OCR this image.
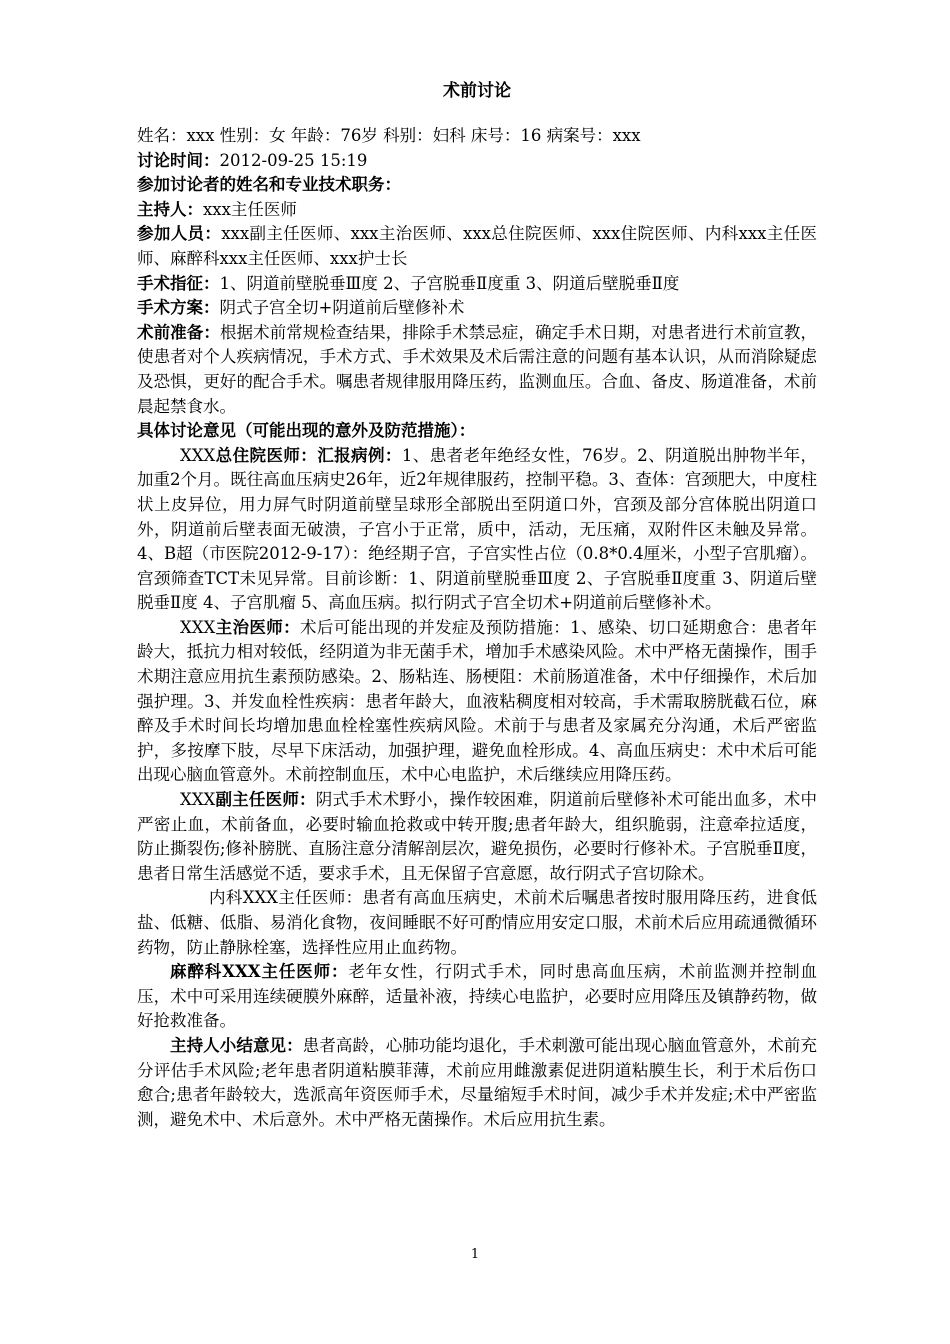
术前讨论

姓名：xxx 性别：女 年龄：76岁 科别：妇科 床号：16 病案号：xxx

讨论时间：2012-09-25 15:19

参加讨论者的姓名和专业技术职务：

主持人：xxx主任医师

参加人员：xxx副主任医师、xxx主治医师、xxx总住院医师、xxx住院医师、内科xxx主任医师、麻醉科xxx主任医师、xxx护士长

手术指征：1、阴道前壁脱垂Ⅲ度 2、子宫脱垂Ⅱ度重 3、阴道后壁脱垂Ⅱ度

手术方案：阴式子宫全切+阴道前后壁修补术

术前准备：根据术前常规检查结果，排除手术禁忌症，确定手术日期，对患者进行术前宣教，使患者对个人疾病情况，手术方式、手术效果及术后需注意的问题有基本认识，从而消除疑虑及恐惧，更好的配合手术。嘱患者规律服用降压药，监测血压。合血、备皮、肠道准备，术前晨起禁食水。

具体讨论意见（可能出现的意外及防范措施）：

XXX总住院医师：汇报病例：1、患者老年绝经女性，76岁。2、阴道脱出肿物半年，加重2个月。既往高血压病史26年，近2年规律服药，控制平稳。3、查体：宫颈肥大，中度柱状上皮异位，用力屏气时阴道前壁呈球形全部脱出至阴道口外，宫颈及部分宫体脱出阴道口外，阴道前后壁表面无破溃，子宫小于正常，质中，活动，无压痛，双附件区未触及异常。4、B超（市医院2012-9-17）：绝经期子宫，子宫实性占位（0.8*0.4厘米，小型子宫肌瘤）。宫颈筛查TCT未见异常。目前诊断：1、阴道前壁脱垂Ⅲ度 2、子宫脱垂Ⅱ度重 3、阴道后壁脱垂Ⅱ度 4、子宫肌瘤 5、高血压病。拟行阴式子宫全切术+阴道前后壁修补术。

XXX主治医师：术后可能出现的并发症及预防措施：1、感染、切口延期愈合：患者年龄大，抵抗力相对较低，经阴道为非无菌手术，增加手术感染风险。术中严格无菌操作，围手术期注意应用抗生素预防感染。2、肠粘连、肠梗阻：术前肠道准备，术中仔细操作，术后加强护理。3、并发血栓性疾病：患者年龄大，血液粘稠度相对较高，手术需取膀胱截石位，麻醉及手术时间长均增加患血栓栓塞性疾病风险。术前于与患者及家属充分沟通，术后严密监护，多按摩下肢，尽早下床活动，加强护理，避免血栓形成。4、高血压病史：术中术后可能出现心脑血管意外。术前控制血压，术中心电监护，术后继续应用降压药。

XXX副主任医师：阴式手术术野小，操作较困难，阴道前后壁修补术可能出血多，术中严密止血，术前备血，必要时输血抢救或中转开腹;患者年龄大，组织脆弱，注意牵拉适度，防止撕裂伤;修补膀胱、直肠注意分清解剖层次，避免损伤，必要时行修补术。子宫脱垂Ⅱ度，患者日常生活感觉不适，要求手术，且无保留子宫意愿，故行阴式子宫切除术。

内科XXX主任医师：患者有高血压病史，术前术后嘱患者按时服用降压药，进食低盐、低糖、低脂、易消化食物，夜间睡眠不好可酌情应用安定口服，术前术后应用疏通微循环药物，防止静脉栓塞，选择性应用止血药物。

麻醉科XXX主任医师：老年女性，行阴式手术，同时患高血压病，术前监测并控制血压，术中可采用连续硬膜外麻醉，适量补液，持续心电监护，必要时应用降压及镇静药物，做好抢救准备。

主持人小结意见：患者高龄，心肺功能均退化，手术刺激可能出现心脑血管意外，术前充分评估手术风险;老年患者阴道粘膜菲薄，术前应用雌激素促进阴道粘膜生长，利于术后伤口愈合;患者年龄较大，选派高年资医师手术，尽量缩短手术时间，减少手术并发症;术中严密监测，避免术中、术后意外。术中严格无菌操作。术后应用抗生素。

1
